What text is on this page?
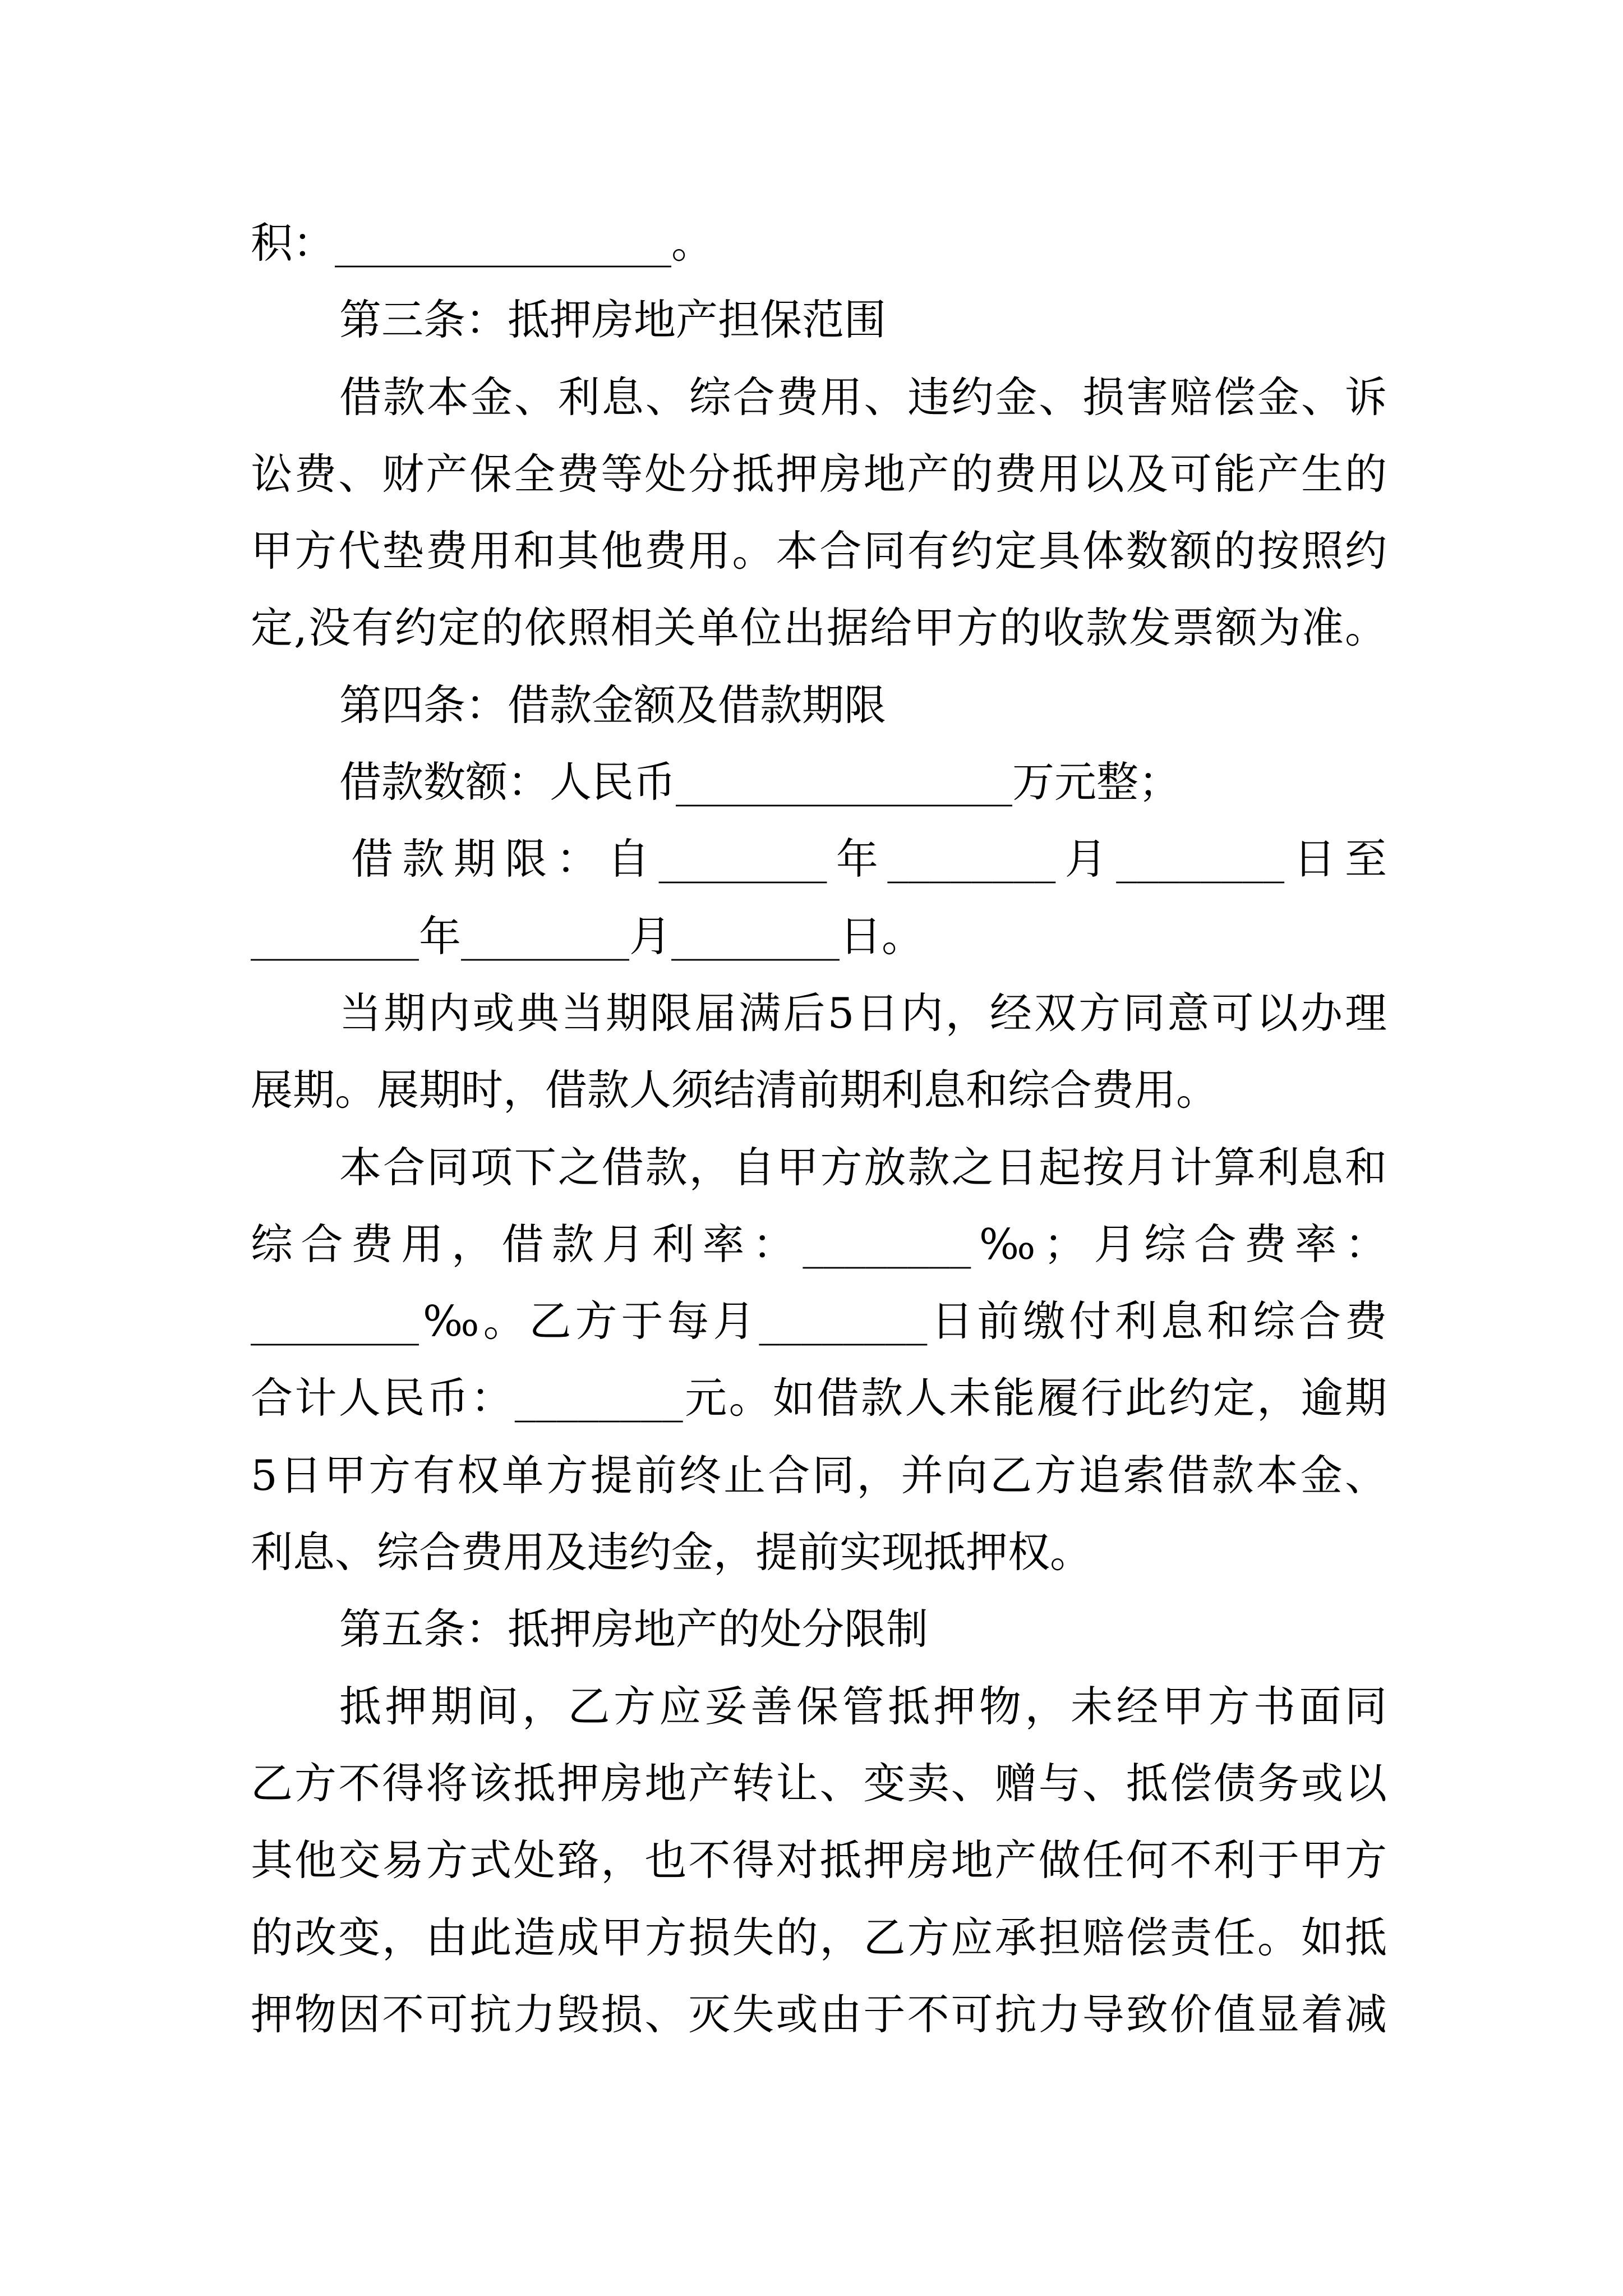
积：________________。
第三条：抵押房地产担保范围
借款本金、利息、综合费用、违约金、损害赔偿金、诉
讼费、财产保全费等处分抵押房地产的费用以及可能产生的
甲方代垫费用和其他费用。本合同有约定具体数额的按照约
定,没有约定的依照相关单位出据给甲方的收款发票额为准。
第四条：借款金额及借款期限
借款数额：人民币________________万元整；
借款期限：自________年________月________日至
________年________月________日。
当期内或典当期限届满后5日内，经双方同意可以办理
展期。展期时，借款人须结清前期利息和综合费用。
本合同项下之借款，自甲方放款之日起按月计算利息和
综合费用，借款月利率：________‰；月综合费率：
________‰。乙方于每月________日前缴付利息和综合费
合计人民币：________元。如借款人未能履行此约定，逾期
5日甲方有权单方提前终止合同，并向乙方追索借款本金、
利息、综合费用及违约金，提前实现抵押权。
第五条：抵押房地产的处分限制
抵押期间，乙方应妥善保管抵押物，未经甲方书面同
乙方不得将该抵押房地产转让、变卖、赠与、抵偿债务或以
其他交易方式处臵，也不得对抵押房地产做任何不利于甲方
的改变，由此造成甲方损失的，乙方应承担赔偿责任。如抵
押物因不可抗力毁损、灭失或由于不可抗力导致价值显着减
